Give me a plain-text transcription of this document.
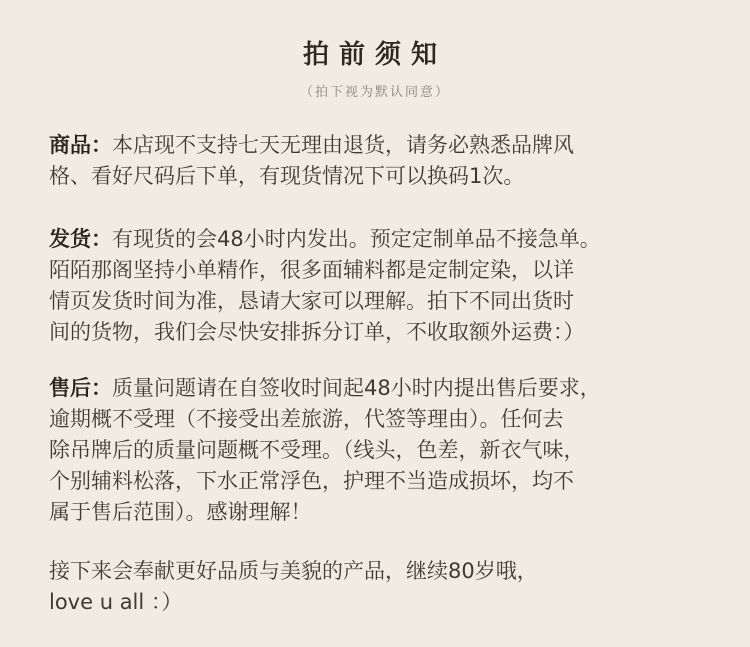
拍前须知
（拍下视为默认同意）
商品：本店现不支持七天无理由退货，请务必熟悉品牌风
格、看好尺码后下单，有现货情况下可以换码1次。
发货：有现货的会48小时内发出。预定定制单品不接急单。
陌陌那阁坚持小单精作，很多面辅料都是定制定染，以详
情页发货时间为准，恳请大家可以理解。拍下不同出货时
间的货物，我们会尽快安排拆分订单，不收取额外运费：）
售后：质量问题请在自签收时间起48小时内提出售后要求，
逾期概不受理（不接受出差旅游，代签等理由）。任何去
除吊牌后的质量问题概不受理。（线头，色差，新衣气味，
个别辅料松落，下水正常浮色，护理不当造成损坏，均不
属于售后范围）。感谢理解！
接下来会奉献更好品质与美貌的产品，继续80岁哦，
love u all ：）
